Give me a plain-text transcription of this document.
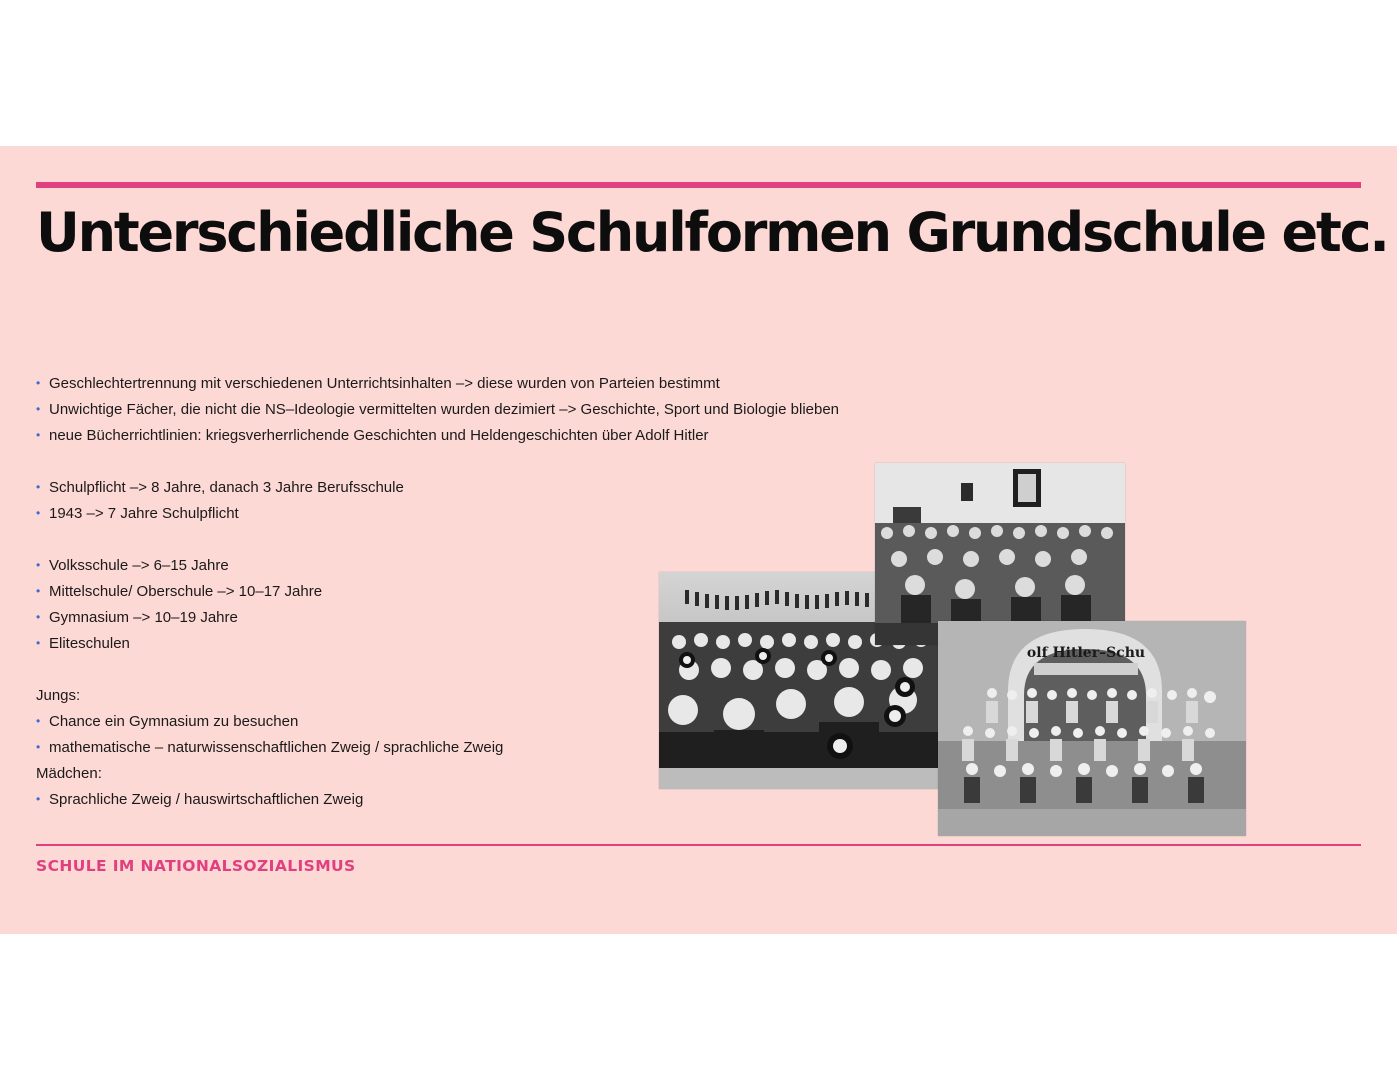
Unterschiedliche Schulformen Grundschule etc.
• Geschlechtertrennung mit verschiedenen Unterrichtsinhalten –> diese wurden von Parteien bestimmt
• Unwichtige Fächer, die nicht die NS–Ideologie vermittelten wurden dezimiert –> Geschichte, Sport und Biologie blieben
• neue Bücherrichtlinien: kriegsverherrlichende Geschichten und Heldengeschichten über Adolf Hitler
• Schulpflicht –> 8 Jahre, danach 3 Jahre Berufsschule
• 1943 –> 7 Jahre Schulpflicht
• Volksschule –> 6–15 Jahre
• Mittelschule/ Oberschule –> 10–17 Jahre
• Gymnasium –> 10–19 Jahre
• Eliteschulen
Jungs:
• Chance ein Gymnasium zu besuchen
• mathematische – naturwissenschaftlichen Zweig / sprachliche Zweig
Mädchen:
• Sprachliche Zweig / hauswirtschaftlichen Zweig
olf Hitler–Schu
SCHULE IM NATIONALSOZIALISMUS
